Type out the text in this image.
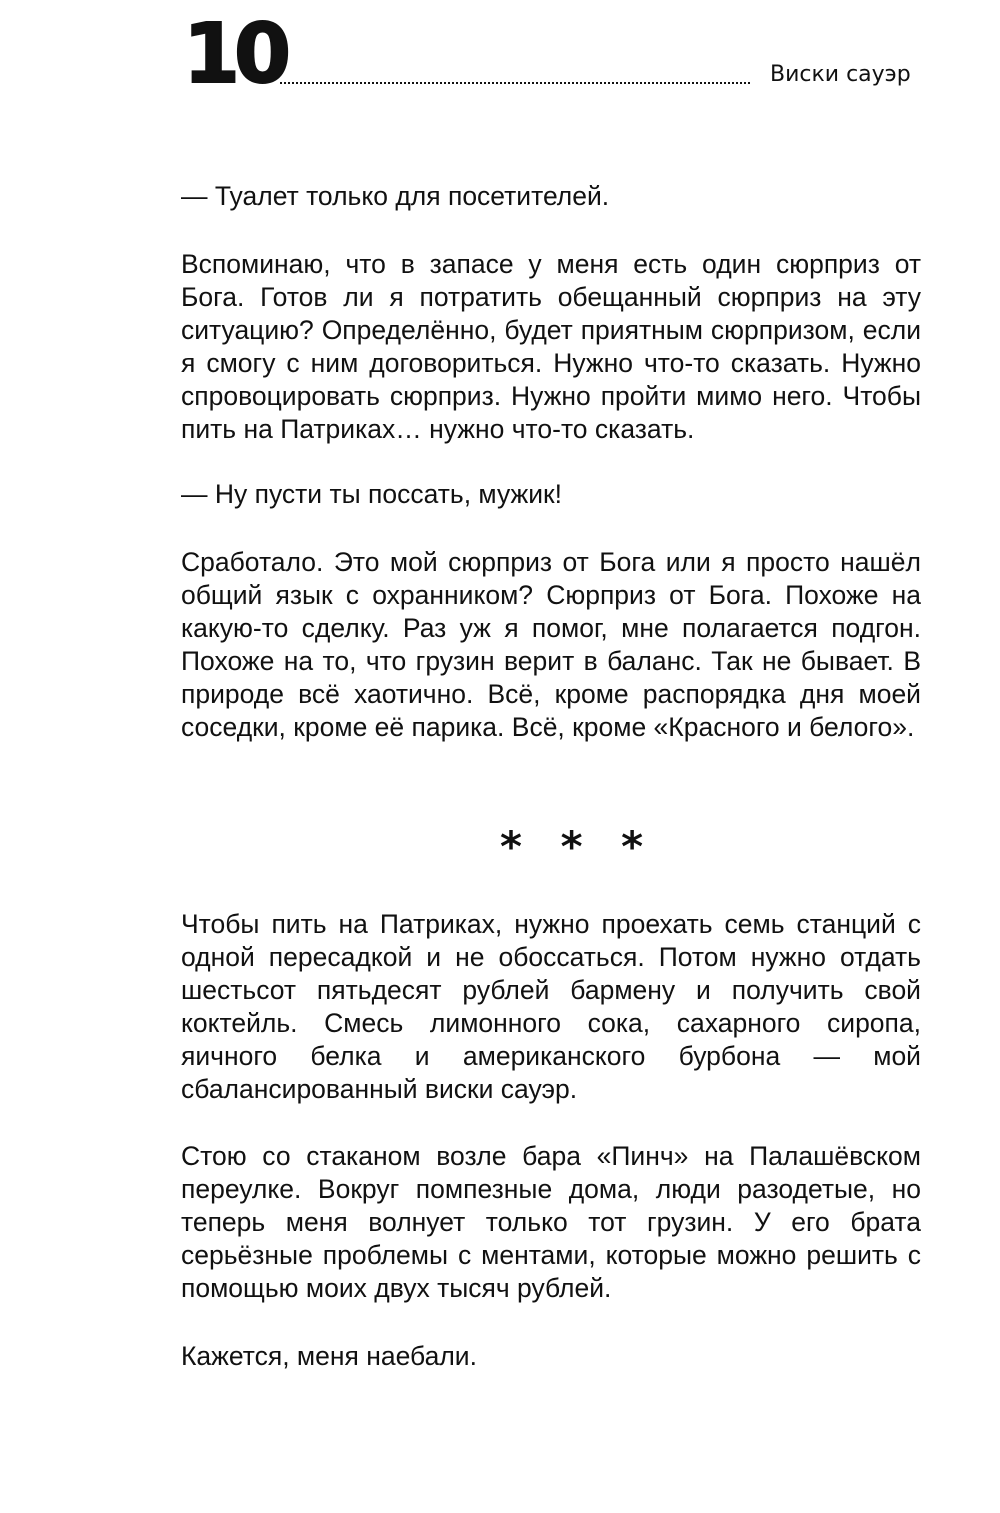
10	Виски сауэр
— Туалет только для посетителей.
Вспоминаю, что в запасе у меня есть один сюрприз от Бога. Готов ли я потратить обещанный сюрприз на эту ситуацию? Определённо, будет приятным сюрпризом, если я смогу с ним договориться. Нужно что-то сказать. Нужно спровоцировать сюрприз. Нужно пройти мимо него. Чтобы пить на Патриках… нужно что-то сказать.
— Ну пусти ты поссать, мужик!
Сработало. Это мой сюрприз от Бога или я просто нашёл общий язык с охранником? Сюрприз от Бога. Похоже на какую-то сделку. Раз уж я помог, мне полагается подгон. Похоже на то, что грузин верит в баланс. Так не бывает. В природе всё хаотично. Всё, кроме распорядка дня моей соседки, кроме её парика. Всё, кроме «Красного и белого».
* * *
Чтобы пить на Патриках, нужно проехать семь станций с одной пересадкой и не обоссаться. Потом нужно отдать шестьсот пятьдесят рублей бармену и получить свой коктейль. Смесь лимонного сока, сахарного сиропа, яичного белка и американского бурбона — мой сбалансированный виски сауэр.
Стою со стаканом возле бара «Пинч» на Палашёвском переулке. Вокруг помпезные дома, люди разодетые, но теперь меня волнует только тот грузин. У его брата серьёзные проблемы с ментами, которые можно решить с помощью моих двух тысяч рублей.
Кажется, меня наебали.
